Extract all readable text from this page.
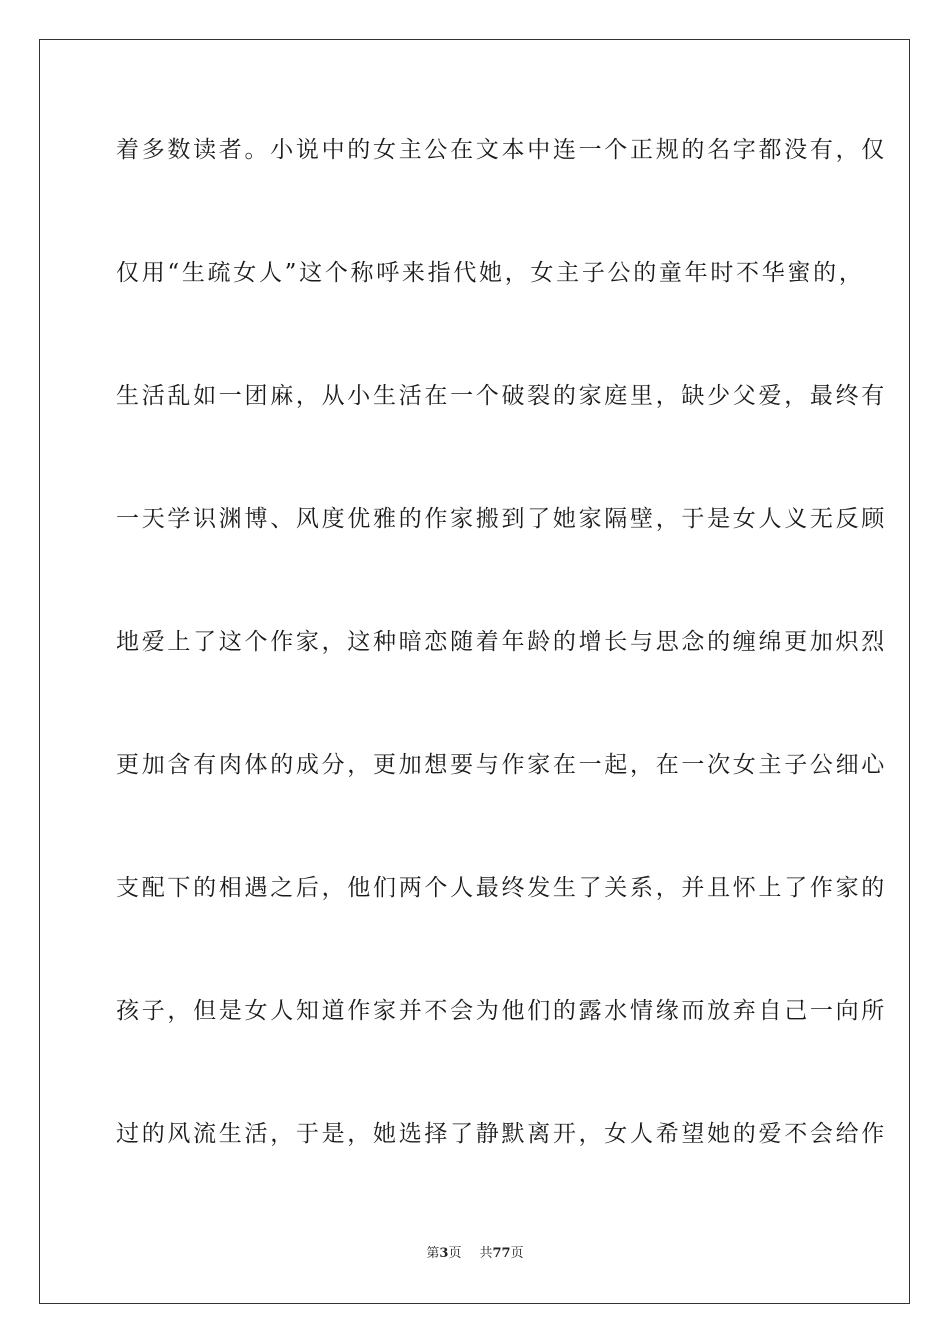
着多数读者。小说中的女主公在文本中连一个正规的名字都没有，仅
仅用“生疏女人”这个称呼来指代她，女主子公的童年时不华蜜的，
生活乱如一团麻，从小生活在一个破裂的家庭里，缺少父爱，最终有
一天学识渊博、风度优雅的作家搬到了她家隔壁，于是女人义无反顾
地爱上了这个作家，这种暗恋随着年龄的增长与思念的缠绵更加炽烈
更加含有肉体的成分，更加想要与作家在一起，在一次女主子公细心
支配下的相遇之后，他们两个人最终发生了关系，并且怀上了作家的
孩子，但是女人知道作家并不会为他们的露水情缘而放弃自己一向所
过的风流生活，于是，她选择了静默离开，女人希望她的爱不会给作
第3页 共77页
